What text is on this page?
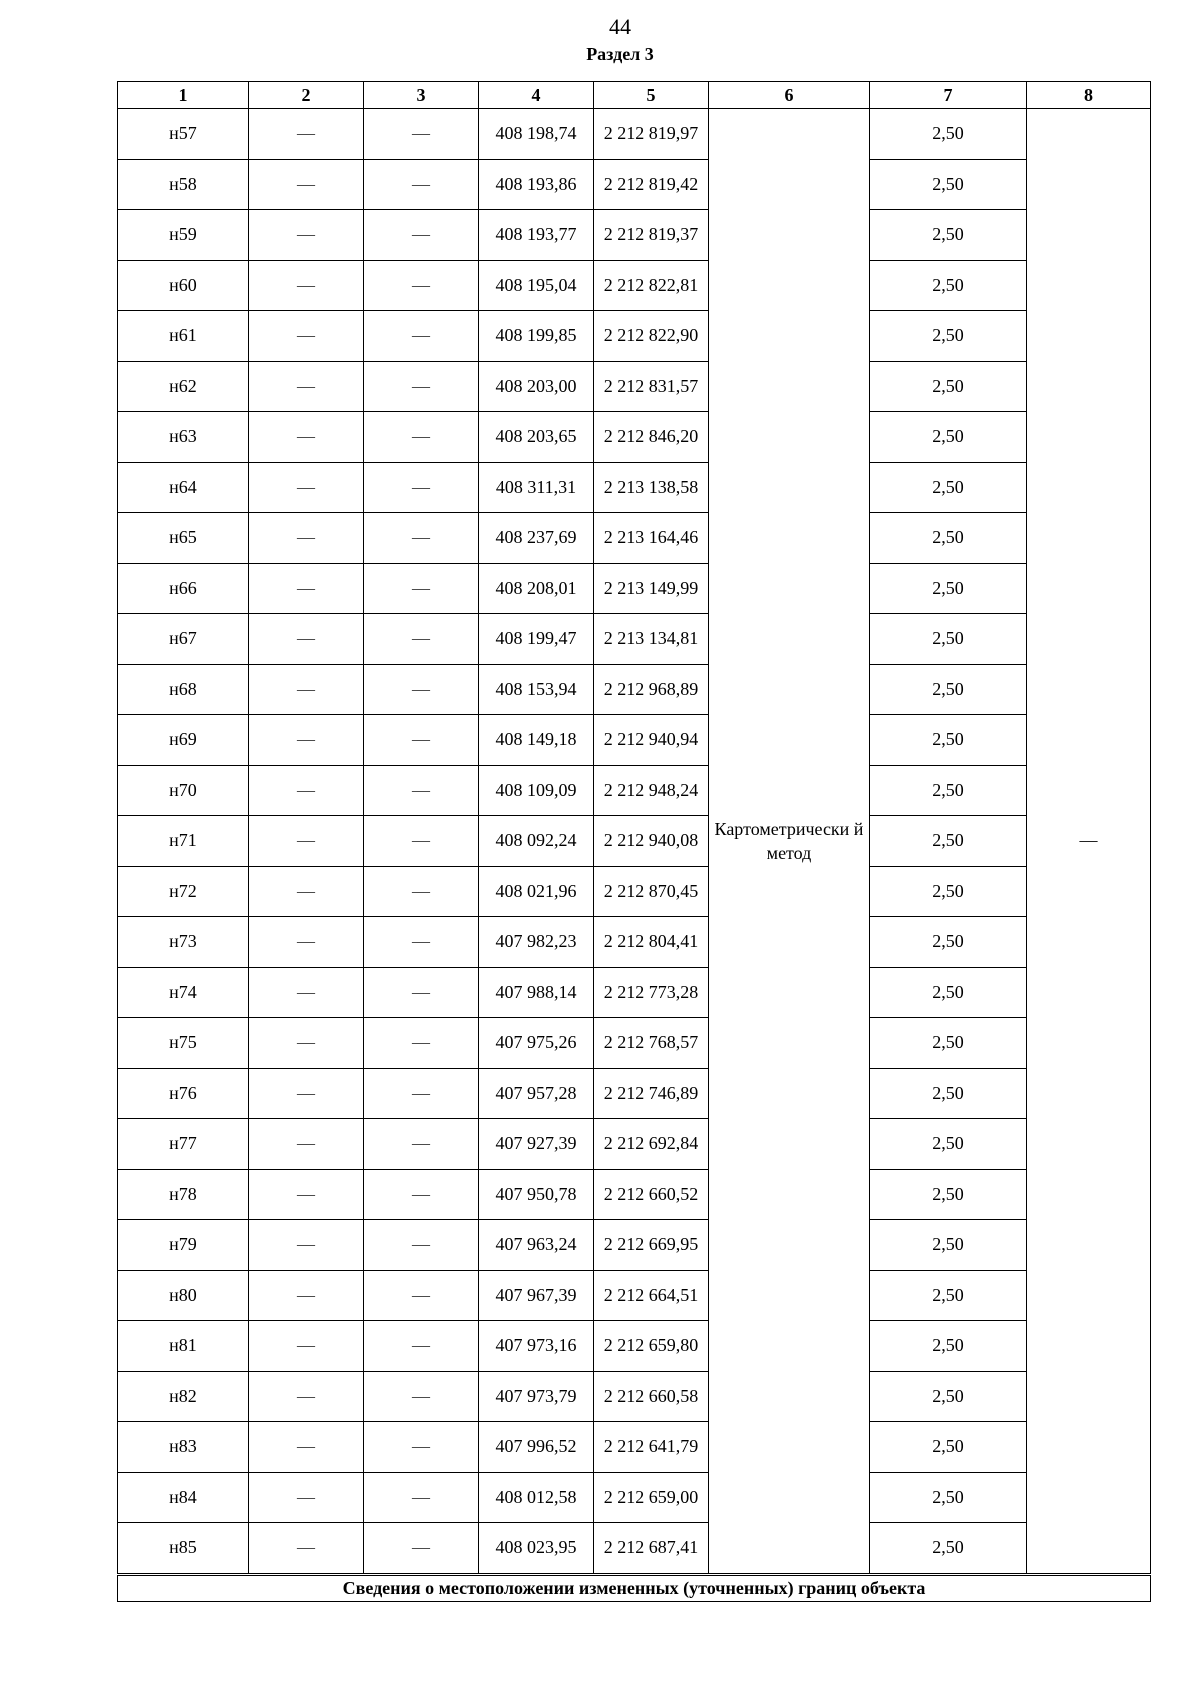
44
Раздел 3
1	2	3	4	5	6	7	8
н57	—	—	408 198,74	2 212 819,97	Картометрически й метод	2,50	—
н58	—	—	408 193,86	2 212 819,42		2,50	
н59	—	—	408 193,77	2 212 819,37		2,50	
н60	—	—	408 195,04	2 212 822,81		2,50	
н61	—	—	408 199,85	2 212 822,90		2,50	
н62	—	—	408 203,00	2 212 831,57		2,50	
н63	—	—	408 203,65	2 212 846,20		2,50	
н64	—	—	408 311,31	2 213 138,58		2,50	
н65	—	—	408 237,69	2 213 164,46		2,50	
н66	—	—	408 208,01	2 213 149,99		2,50	
н67	—	—	408 199,47	2 213 134,81		2,50	
н68	—	—	408 153,94	2 212 968,89		2,50	
н69	—	—	408 149,18	2 212 940,94		2,50	
н70	—	—	408 109,09	2 212 948,24		2,50	
н71	—	—	408 092,24	2 212 940,08		2,50	
н72	—	—	408 021,96	2 212 870,45		2,50	
н73	—	—	407 982,23	2 212 804,41		2,50	
н74	—	—	407 988,14	2 212 773,28		2,50	
н75	—	—	407 975,26	2 212 768,57		2,50	
н76	—	—	407 957,28	2 212 746,89		2,50	
н77	—	—	407 927,39	2 212 692,84		2,50	
н78	—	—	407 950,78	2 212 660,52		2,50	
н79	—	—	407 963,24	2 212 669,95		2,50	
н80	—	—	407 967,39	2 212 664,51		2,50	
н81	—	—	407 973,16	2 212 659,80		2,50	
н82	—	—	407 973,79	2 212 660,58		2,50	
н83	—	—	407 996,52	2 212 641,79		2,50	
н84	—	—	408 012,58	2 212 659,00		2,50	
н85	—	—	408 023,95	2 212 687,41		2,50	
Сведения о местоположении измененных (уточненных) границ объекта							
